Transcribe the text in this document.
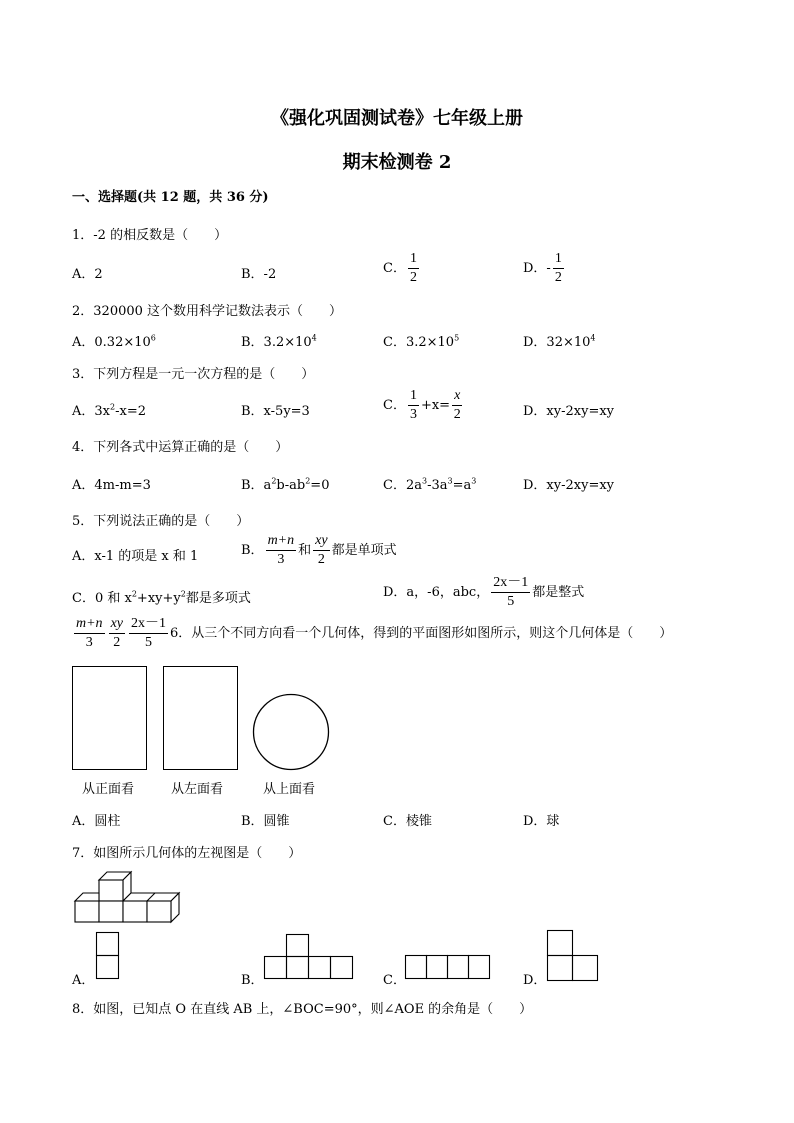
《强化巩固测试卷》七年级上册
期末检测卷 2
一、选择题(共 12 题，共 36 分)
1．-2 的相反数是（　　）
A．2	B．-2	C． $\frac{1}{2}$	D．- $\frac{1}{2}$
2．320000 这个数用科学记数法表示（　　）
A．$0.32\times 10^6$	B．$3.2\times 10^4$	C．$3.2\times 10^5$	D．$32\times 10^4$
3．下列方程是一元一次方程的是（　　）
A．$3x^2-x=2$	B．x-5y=3	C． $\frac{1}{3} +x= \frac{x}{2}$	D．xy-2xy=xy
4．下列各式中运算正确的是（　　）
A．4m-m=3	B．$a^2b-ab^2=0$	C．$2a^3-3a^3=a^3$	D．xy-2xy=xy
5．下列说法正确的是（　　）
A．x-1 的项是 x 和 1	B． $\frac{m+n}{3}$ 和 $\frac{xy}{2}$ 都是单项式
C．0 和 $x^2+xy+y^2$都是多项式	D．a，-6，abc， $\frac{2x-1}{5}$ 都是整式
$\frac{m+n}{3} \frac{xy}{2} \frac{2x-1}{5} 6$．从三个不同方向看一个几何体，得到的平面图形如图所示，则这个几何体是（　　）
从正面看	从左面看	从上面看
A．圆柱	B．圆锥	C．棱锥	D．球
7．如图所示几何体的左视图是（　　）
A．	B．	C．	D．
8．如图，已知点 O 在直线 AB 上，∠BOC=90°，则∠AOE 的余角是（　　）
